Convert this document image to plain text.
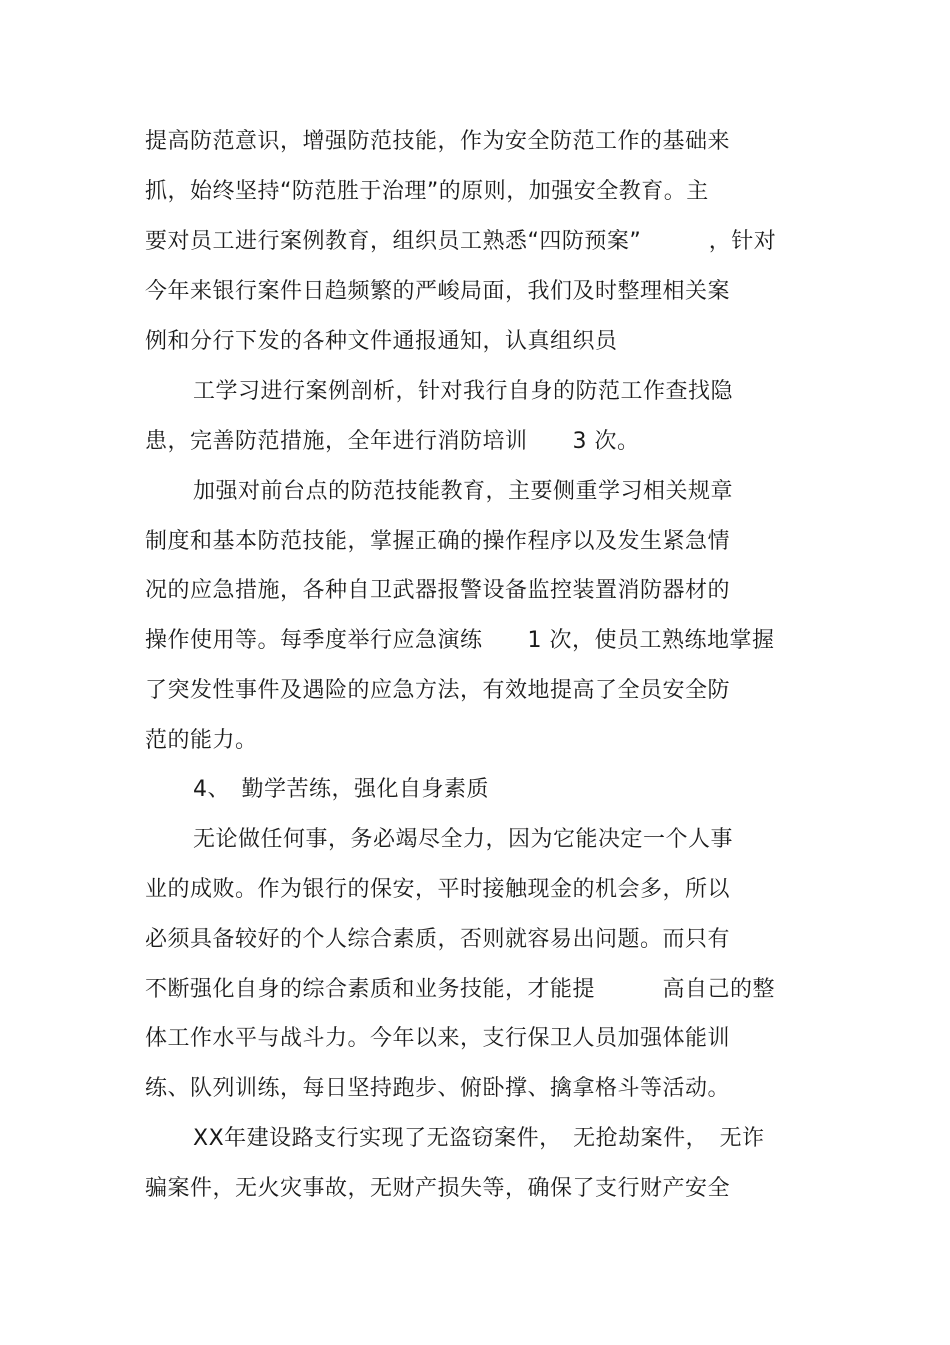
提高防范意识，增强防范技能，作为安全防范工作的基础来
抓，始终坚持“防范胜于治理”的原则，加强安全教育。主
要对员工进行案例教育，组织员工熟悉“四防预案”　　　，针对
今年来银行案件日趋频繁的严峻局面，我们及时整理相关案
例和分行下发的各种文件通报通知，认真组织员
工学习进行案例剖析，针对我行自身的防范工作查找隐
患，完善防范措施，全年进行消防培训　　3 次。
加强对前台点的防范技能教育，主要侧重学习相关规章
制度和基本防范技能，掌握正确的操作程序以及发生紧急情
况的应急措施，各种自卫武器报警设备监控装置消防器材的
操作使用等。每季度举行应急演练　　1 次，使员工熟练地掌握
了突发性事件及遇险的应急方法，有效地提高了全员安全防
范的能力。
4、　勤学苦练，强化自身素质
无论做任何事，务必竭尽全力，因为它能决定一个人事
业的成败。作为银行的保安，平时接触现金的机会多，所以
必须具备较好的个人综合素质，否则就容易出问题。而只有
不断强化自身的综合素质和业务技能，才能提　　　高自己的整
体工作水平与战斗力。今年以来，支行保卫人员加强体能训
练、队列训练，每日坚持跑步、俯卧撑、擒拿格斗等活动。
XX年建设路支行实现了无盗窃案件，　无抢劫案件，　无诈
骗案件，无火灾事故，无财产损失等，确保了支行财产安全
